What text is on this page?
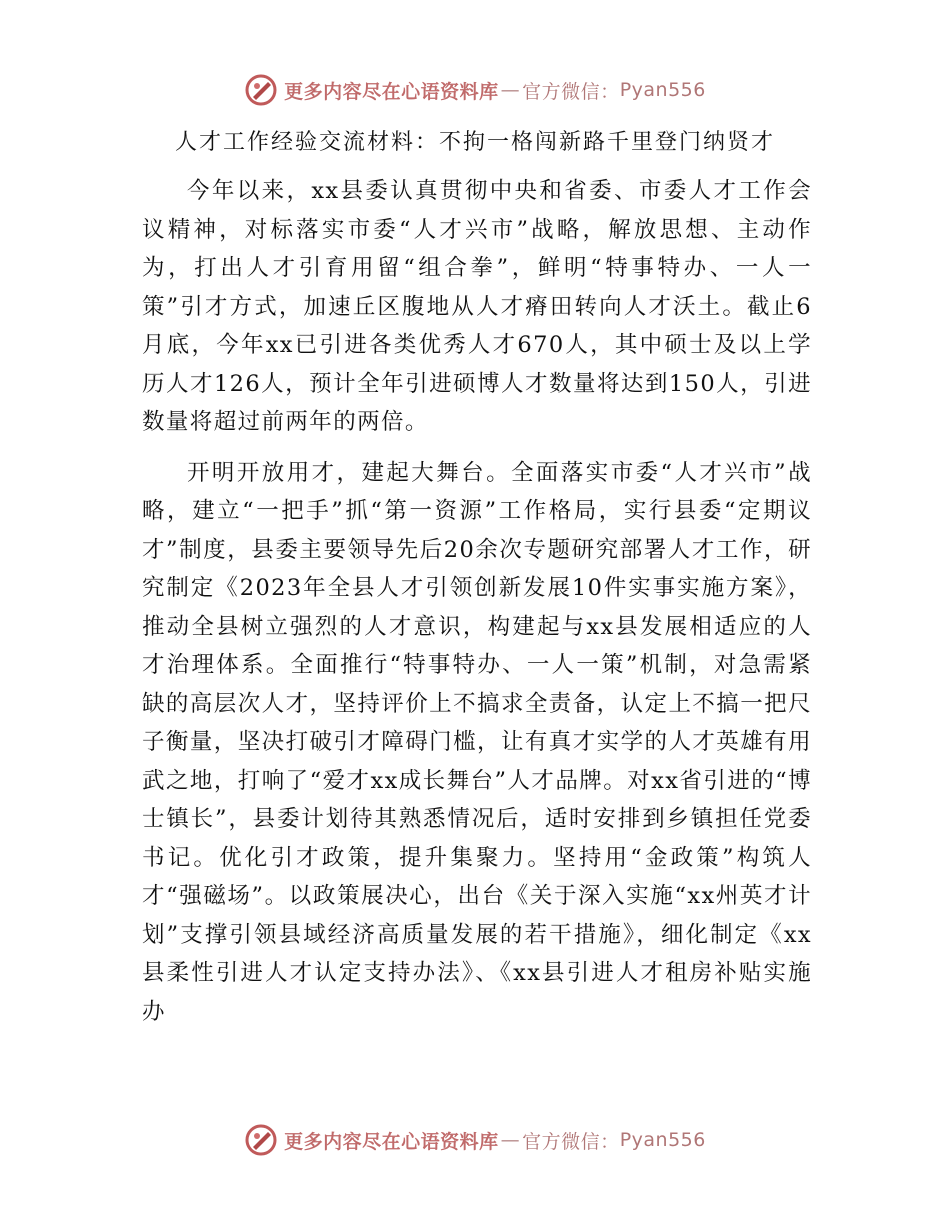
更多内容尽在心语资料库 — 官方微信： Pyan556
人才工作经验交流材料：不拘一格闯新路千里登门纳贤才

今年以来，xx县委认真贯彻中央和省委、市委人才工作会议精神，对标落实市委“人才兴市”战略，解放思想、主动作为，打出人才引育用留“组合拳”，鲜明“特事特办、一人一策”引才方式，加速丘区腹地从人才瘠田转向人才沃土。截止6月底，今年xx已引进各类优秀人才670人，其中硕士及以上学历人才126人，预计全年引进硕博人才数量将达到150人，引进数量将超过前两年的两倍。

开明开放用才，建起大舞台。全面落实市委“人才兴市”战略，建立“一把手”抓“第一资源”工作格局，实行县委“定期议才”制度，县委主要领导先后20余次专题研究部署人才工作，研究制定《2023年全县人才引领创新发展10件实事实施方案》，推动全县树立强烈的人才意识，构建起与xx县发展相适应的人才治理体系。全面推行“特事特办、一人一策”机制，对急需紧缺的高层次人才，坚持评价上不搞求全责备，认定上不搞一把尺子衡量，坚决打破引才障碍门槛，让有真才实学的人才英雄有用武之地，打响了“爱才xx成长舞台”人才品牌。对xx省引进的“博士镇长”，县委计划待其熟悉情况后，适时安排到乡镇担任党委书记。优化引才政策，提升集聚力。坚持用“金政策”构筑人才“强磁场”。以政策展决心，出台《关于深入实施“xx州英才计划”支撑引领县域经济高质量发展的若干措施》，细化制定《xx县柔性引进人才认定支持办法》、《xx县引进人才租房补贴实施办

更多内容尽在心语资料库 — 官方微信： Pyan556
